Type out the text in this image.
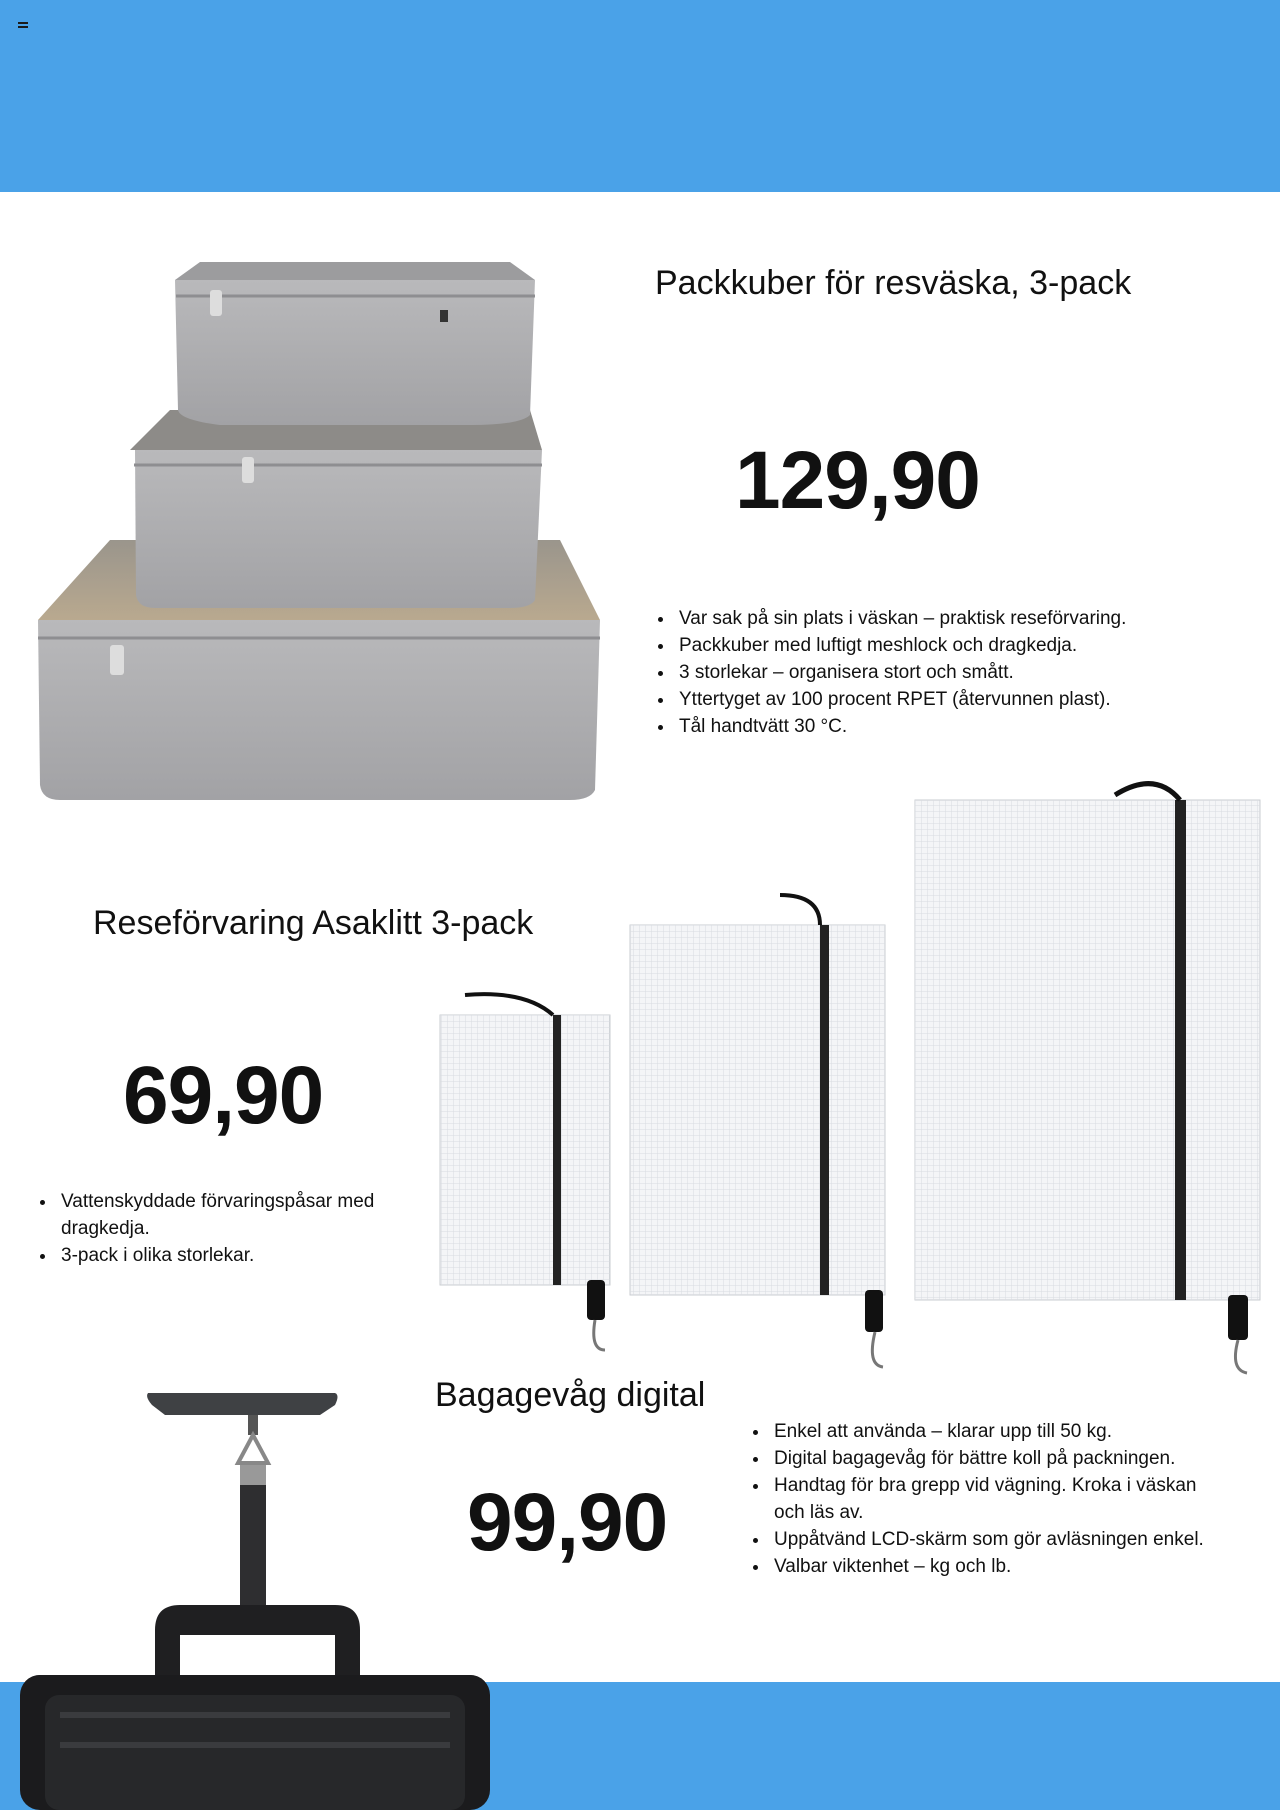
Packkuber för resväska, 3-pack
129,90
• Var sak på sin plats i väskan – praktisk reseförvaring.
• Packkuber med luftigt meshlock och dragkedja.
• 3 storlekar – organisera stort och smått.
• Yttertyget av 100 procent RPET (återvunnen plast).
• Tål handtvätt 30 °C.
Reseförvaring Asaklitt 3-pack
69,90
• Vattenskyddade förvaringspåsar med dragkedja.
• 3-pack i olika storlekar.
Bagagevåg digital
99,90
• Enkel att använda – klarar upp till 50 kg.
• Digital bagagevåg för bättre koll på packningen.
• Handtag för bra grepp vid vägning. Kroka i väskan och läs av.
• Uppåtvänd LCD-skärm som gör avläsningen enkel.
• Valbar viktenhet – kg och lb.
